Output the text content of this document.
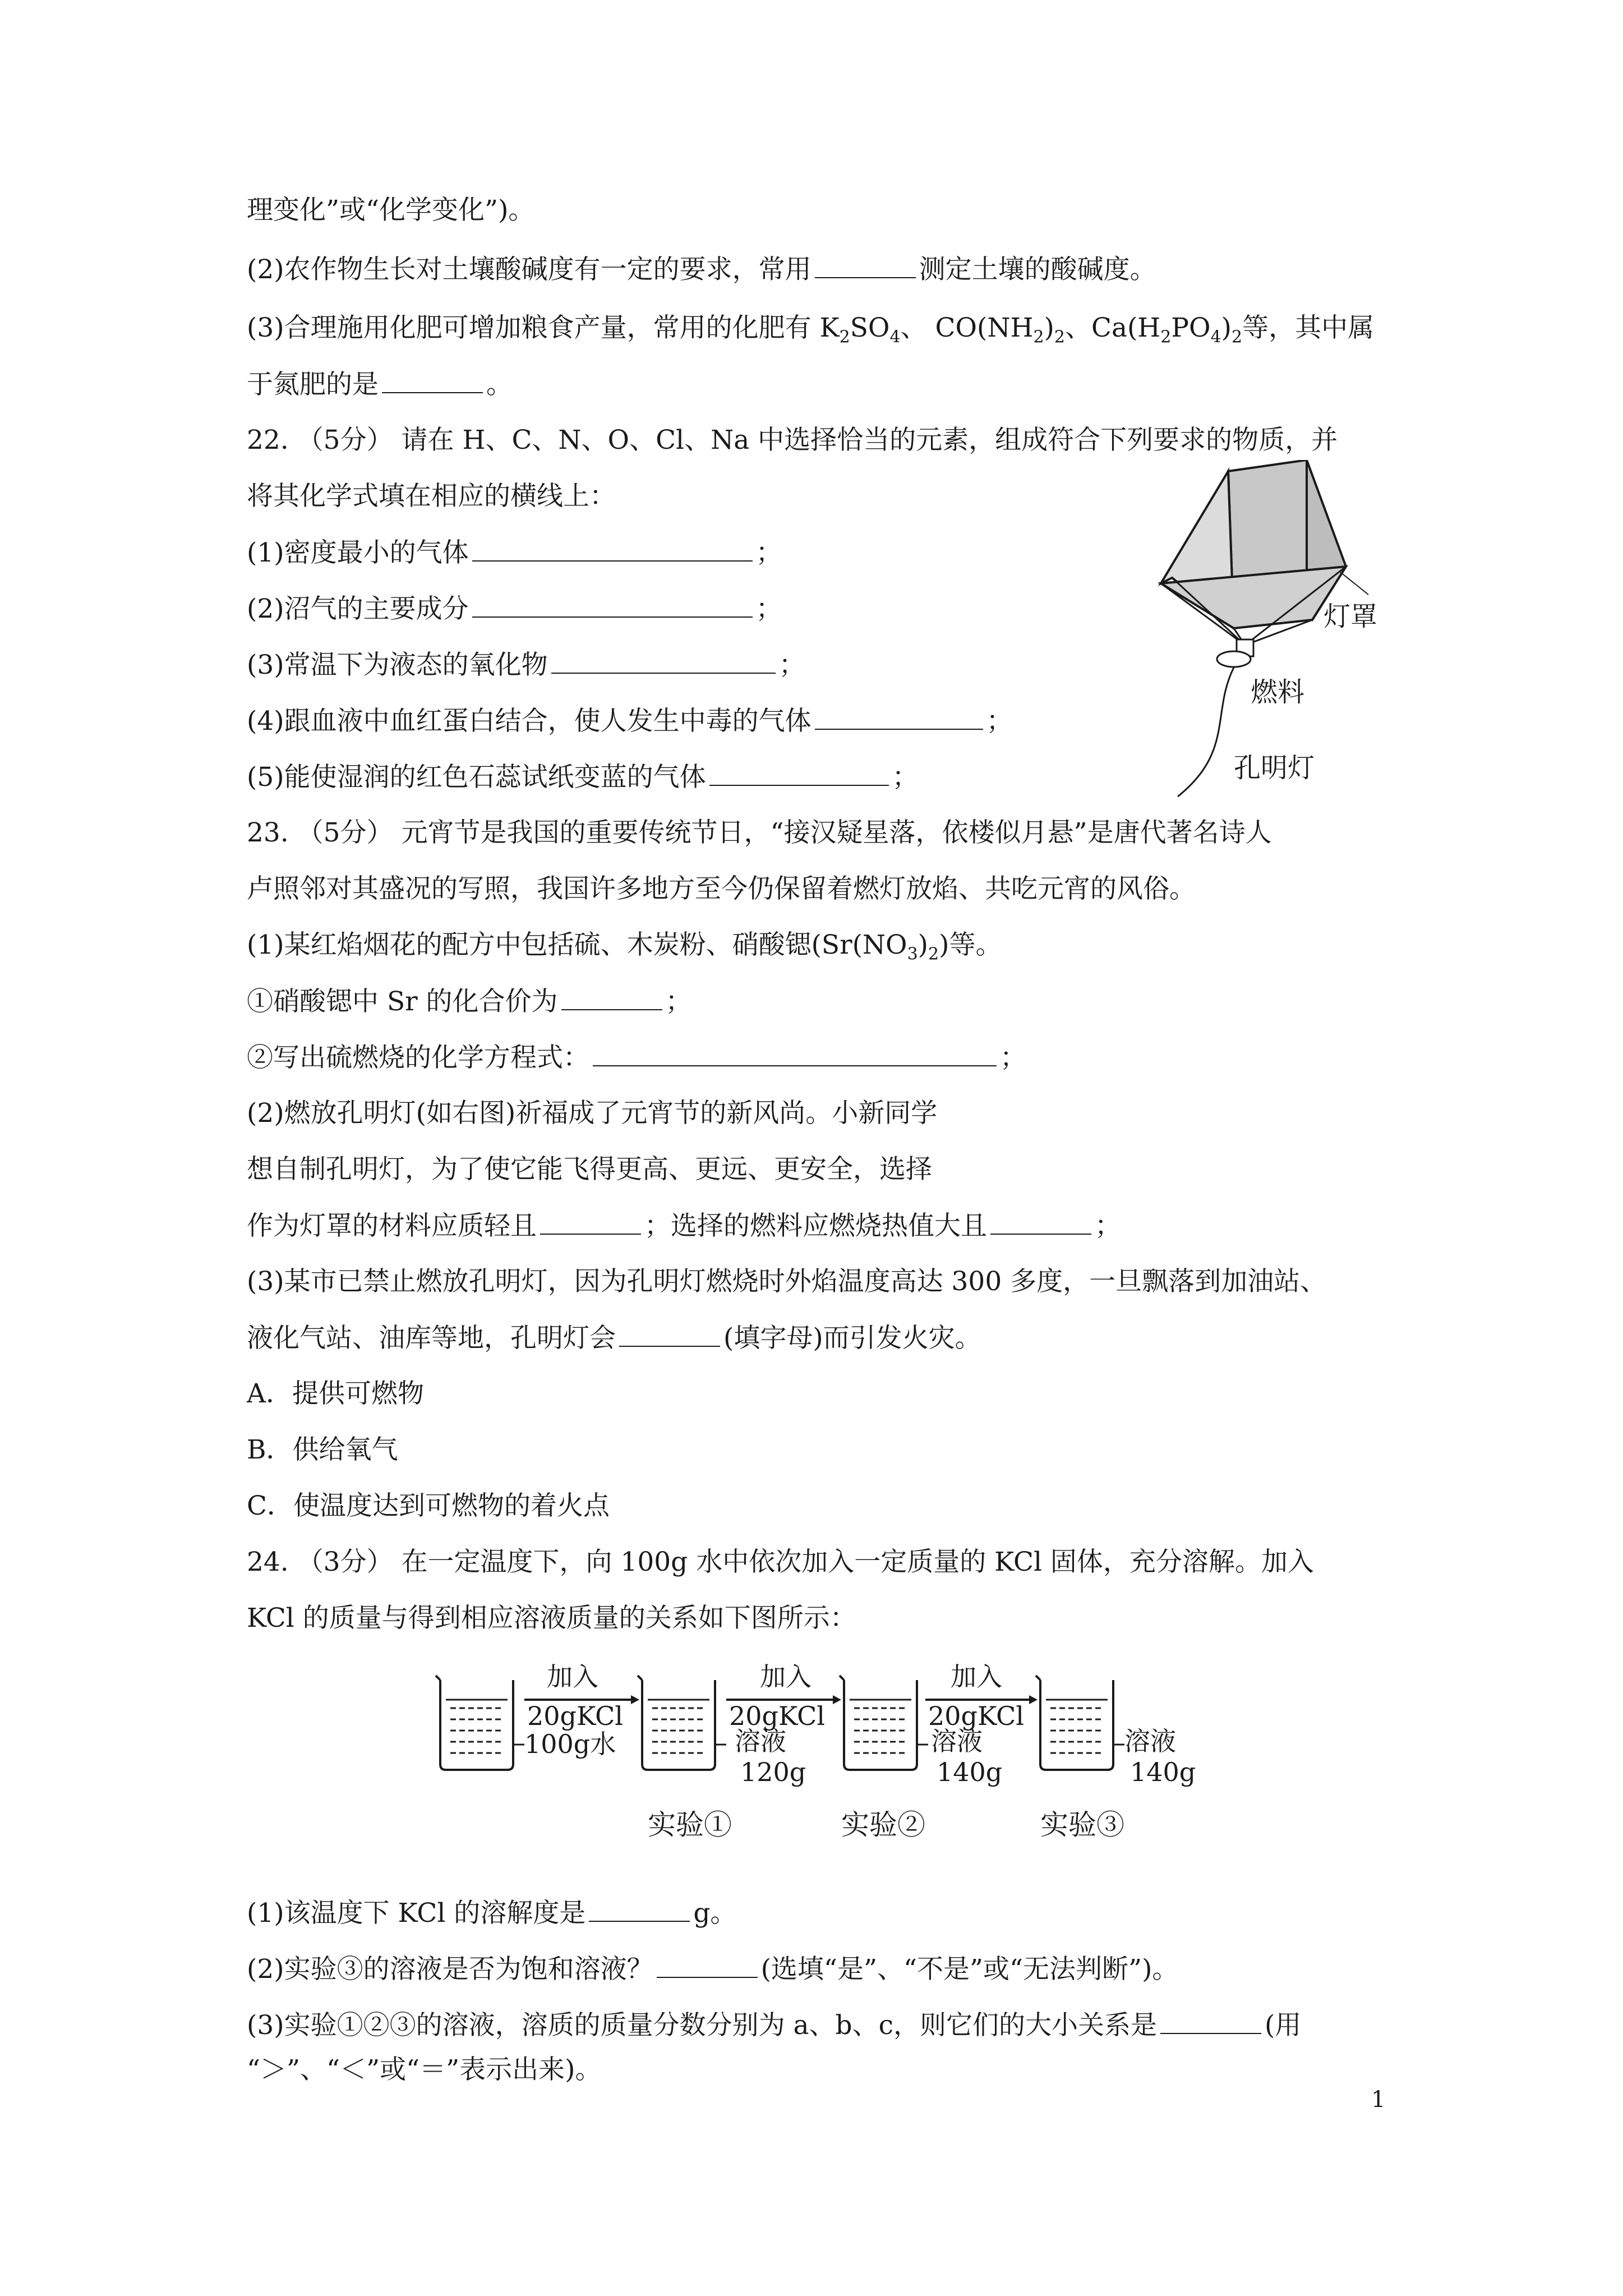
理变化”或“化学变化”)。
(2)农作物生长对土壤酸碱度有一定的要求，常用	测定土壤的酸碱度。
(3)合理施用化肥可增加粮食产量，常用的化肥有 $K_2SO_4$、 $CO(NH_2)_2$、$Ca(H_2PO_4)_2$等，其中属
于氮肥的是	。
22. （5分） 请在 H、C、N、O、Cl、Na 中选择恰当的元素，组成符合下列要求的物质，并
将其化学式填在相应的横线上：
(1)密度最小的气体	；
(2)沼气的主要成分	；
(3)常温下为液态的氧化物	；
(4)跟血液中血红蛋白结合，使人发生中毒的气体	；
(5)能使湿润的红色石蕊试纸变蓝的气体	；
灯罩
燃料
孔明灯
23. （5分） 元宵节是我国的重要传统节日，“接汉疑星落，依楼似月悬”是唐代著名诗人
卢照邻对其盛况的写照，我国许多地方至今仍保留着燃灯放焰、共吃元宵的风俗。
(1)某红焰烟花的配方中包括硫、木炭粉、硝酸锶$(Sr(NO_3)_2)$等。
①硝酸锶中 Sr 的化合价为	；
②写出硫燃烧的化学方程式：	；
(2)燃放孔明灯(如右图)祈福成了元宵节的新风尚。小新同学
想自制孔明灯，为了使它能飞得更高、更远、更安全，选择
作为灯罩的材料应质轻且	；选择的燃料应燃烧热值大且	；
(3)某市已禁止燃放孔明灯，因为孔明灯燃烧时外焰温度高达 300 多度，一旦飘落到加油站、
液化气站、油库等地，孔明灯会	(填字母)而引发火灾。
A．提供可燃物
B．供给氧气
C．使温度达到可燃物的着火点
24. （3分） 在一定温度下，向 100g 水中依次加入一定质量的 KCl 固体，充分溶解。加入
KCl 的质量与得到相应溶液质量的关系如下图所示：
加入
20gKCl
加入
20gKCl
加入
20gKCl
100g水	溶液
120g
溶液
140g
溶液
140g
实验①	实验②	实验③
(1)该温度下 KCl 的溶解度是	g。
(2)实验③的溶液是否为饱和溶液？	(选填“是”、“不是”或“无法判断”)。
(3)实验①②③的溶液，溶质的质量分数分别为 a、b、c，则它们的大小关系是	(用
“＞”、“＜”或“＝”表示出来)。
1
